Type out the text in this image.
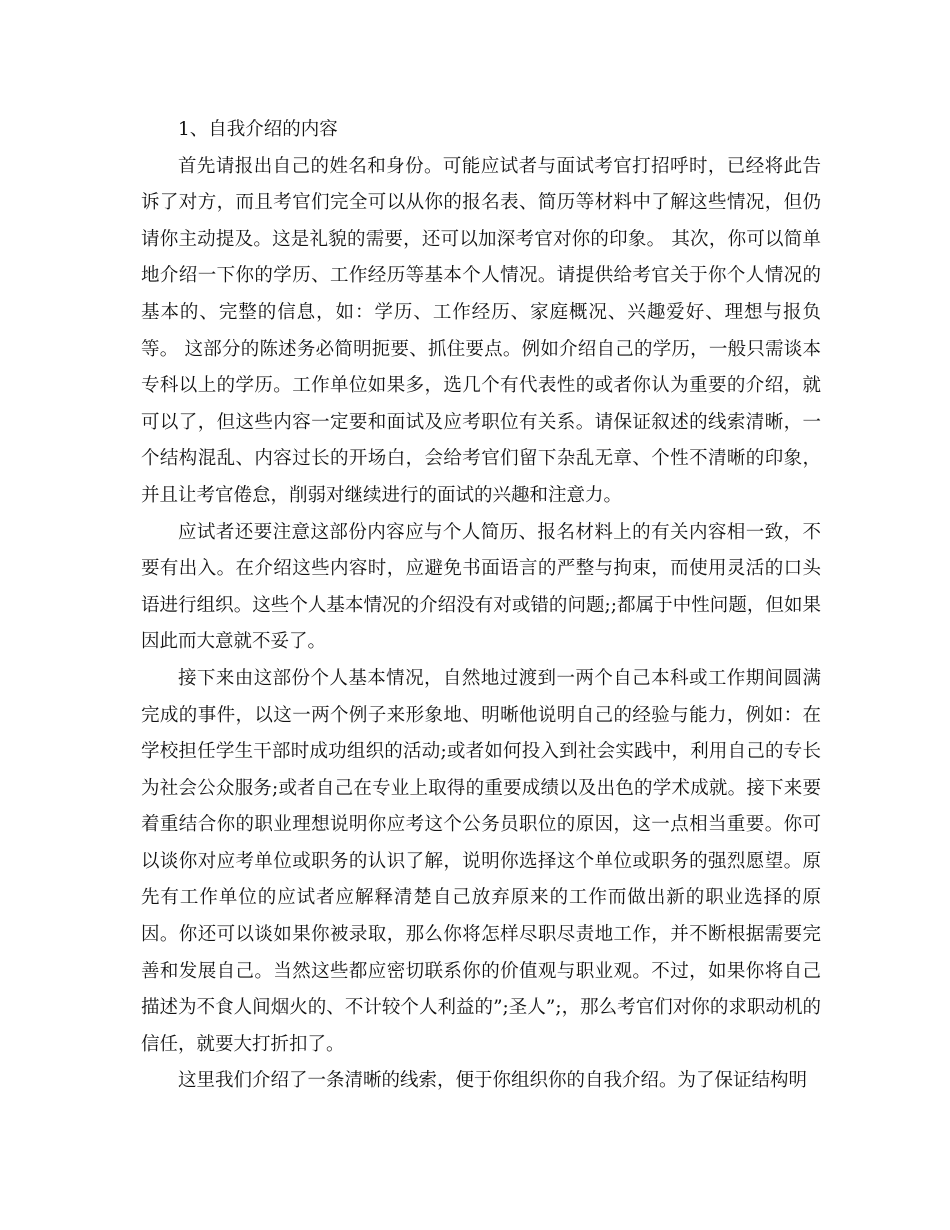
1、自我介绍的内容

首先请报出自己的姓名和身份。可能应试者与面试考官打招呼时，已经将此告诉了对方，而且考官们完全可以从你的报名表、简历等材料中了解这些情况，但仍请你主动提及。这是礼貌的需要，还可以加深考官对你的印象。 其次，你可以简单地介绍一下你的学历、工作经历等基本个人情况。请提供给考官关于你个人情况的基本的、完整的信息，如：学历、工作经历、家庭概况、兴趣爱好、理想与报负等。 这部分的陈述务必简明扼要、抓住要点。例如介绍自己的学历，一般只需谈本专科以上的学历。工作单位如果多，选几个有代表性的或者你认为重要的介绍，就可以了，但这些内容一定要和面试及应考职位有关系。请保证叙述的线索清晰，一个结构混乱、内容过长的开场白，会给考官们留下杂乱无章、个性不清晰的印象，并且让考官倦怠，削弱对继续进行的面试的兴趣和注意力。

应试者还要注意这部份内容应与个人简历、报名材料上的有关内容相一致，不要有出入。在介绍这些内容时，应避免书面语言的严整与拘束，而使用灵活的口头语进行组织。这些个人基本情况的介绍没有对或错的问题;;都属于中性问题，但如果因此而大意就不妥了。

接下来由这部份个人基本情况，自然地过渡到一两个自己本科或工作期间圆满完成的事件，以这一两个例子来形象地、明晰他说明自己的经验与能力，例如：在学校担任学生干部时成功组织的活动;或者如何投入到社会实践中，利用自己的专长为社会公众服务;或者自己在专业上取得的重要成绩以及出色的学术成就。接下来要着重结合你的职业理想说明你应考这个公务员职位的原因，这一点相当重要。你可以谈你对应考单位或职务的认识了解，说明你选择这个单位或职务的强烈愿望。原先有工作单位的应试者应解释清楚自己放弃原来的工作而做出新的职业选择的原因。你还可以谈如果你被录取，那么你将怎样尽职尽责地工作，并不断根据需要完善和发展自己。当然这些都应密切联系你的价值观与职业观。不过，如果你将自己描述为不食人间烟火的、不计较个人利益的”;圣人”;，那么考官们对你的求职动机的信任，就要大打折扣了。

这里我们介绍了一条清晰的线索，便于你组织你的自我介绍。为了保证结构明
